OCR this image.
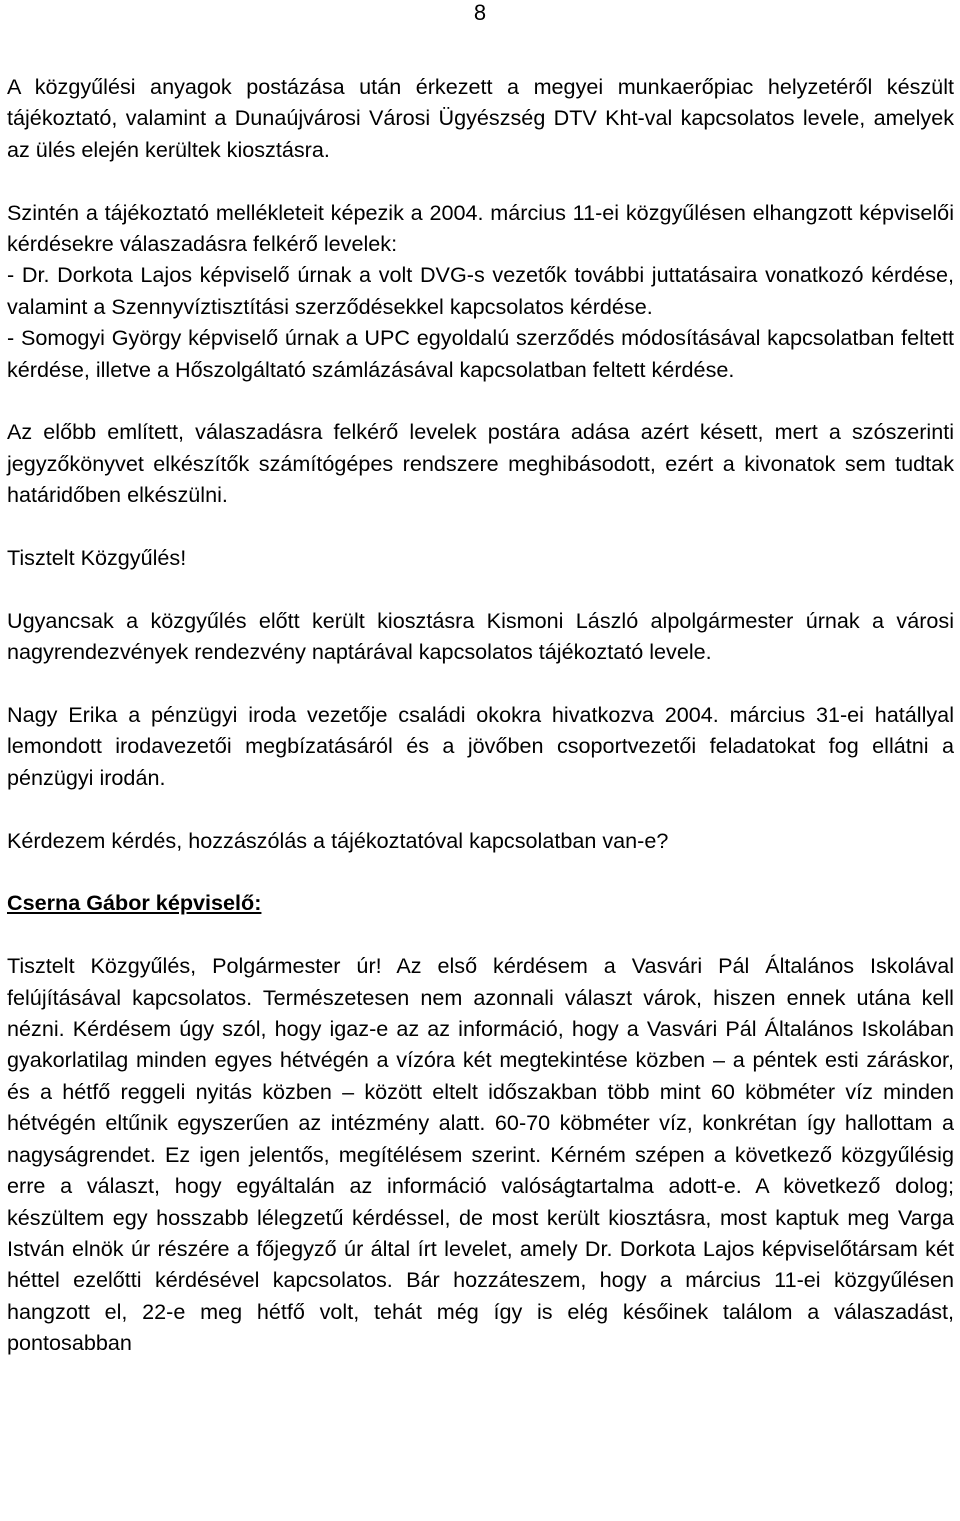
8

A közgyűlési anyagok postázása után érkezett a megyei munkaerőpiac helyzetéről készült tájékoztató, valamint a Dunaújvárosi Városi Ügyészség DTV Kht-val kapcsolatos levele, amelyek az ülés elején kerültek kiosztásra.

Szintén a tájékoztató mellékleteit képezik a 2004. március 11-ei közgyűlésen elhangzott képviselői kérdésekre válaszadásra felkérő levelek:

- Dr. Dorkota Lajos képviselő úrnak a volt DVG-s vezetők további juttatásaira vonatkozó kérdése, valamint a Szennyvíztisztítási szerződésekkel kapcsolatos kérdése.

- Somogyi György képviselő úrnak a UPC egyoldalú szerződés módosításával kapcsolatban feltett kérdése, illetve a Hőszolgáltató számlázásával kapcsolatban feltett kérdése.

Az előbb említett, válaszadásra felkérő levelek postára adása azért késett, mert a szószerinti jegyzőkönyvet elkészítők számítógépes rendszere meghibásodott, ezért a kivonatok sem tudtak határidőben elkészülni.

Tisztelt Közgyűlés!

Ugyancsak a közgyűlés előtt került kiosztásra Kismoni László alpolgármester úrnak a városi nagyrendezvények rendezvény naptárával kapcsolatos tájékoztató levele.

Nagy Erika a pénzügyi iroda vezetője családi okokra hivatkozva 2004. március 31-ei hatállyal lemondott irodavezetői megbízatásáról és a jövőben csoportvezetői feladatokat fog ellátni a pénzügyi irodán.

Kérdezem kérdés, hozzászólás a tájékoztatóval kapcsolatban van-e?

Cserna Gábor képviselő:

Tisztelt Közgyűlés, Polgármester úr! Az első kérdésem a Vasvári Pál Általános Iskolával felújításával kapcsolatos. Természetesen nem azonnali választ várok, hiszen ennek utána kell nézni. Kérdésem úgy szól, hogy igaz-e az az információ, hogy a Vasvári Pál Általános Iskolában gyakorlatilag minden egyes hétvégén a vízóra két megtekintése közben – a péntek esti záráskor, és a hétfő reggeli nyitás közben – között eltelt időszakban több mint 60 köbméter víz minden hétvégén eltűnik egyszerűen az intézmény alatt. 60-70 köbméter víz, konkrétan így hallottam a nagyságrendet. Ez igen jelentős, megítélésem szerint. Kérném szépen a következő közgyűlésig erre a választ, hogy egyáltalán az információ valóságtartalma adott-e. A következő dolog; készültem egy hosszabb lélegzetű kérdéssel, de most került kiosztásra, most kaptuk meg Varga István elnök úr részére a főjegyző úr által írt levelet, amely Dr. Dorkota Lajos képviselőtársam két héttel ezelőtti kérdésével kapcsolatos. Bár hozzáteszem, hogy a március 11-ei közgyűlésen hangzott el, 22-e meg hétfő volt, tehát még így is elég későinek találom a válaszadást, pontosabban
